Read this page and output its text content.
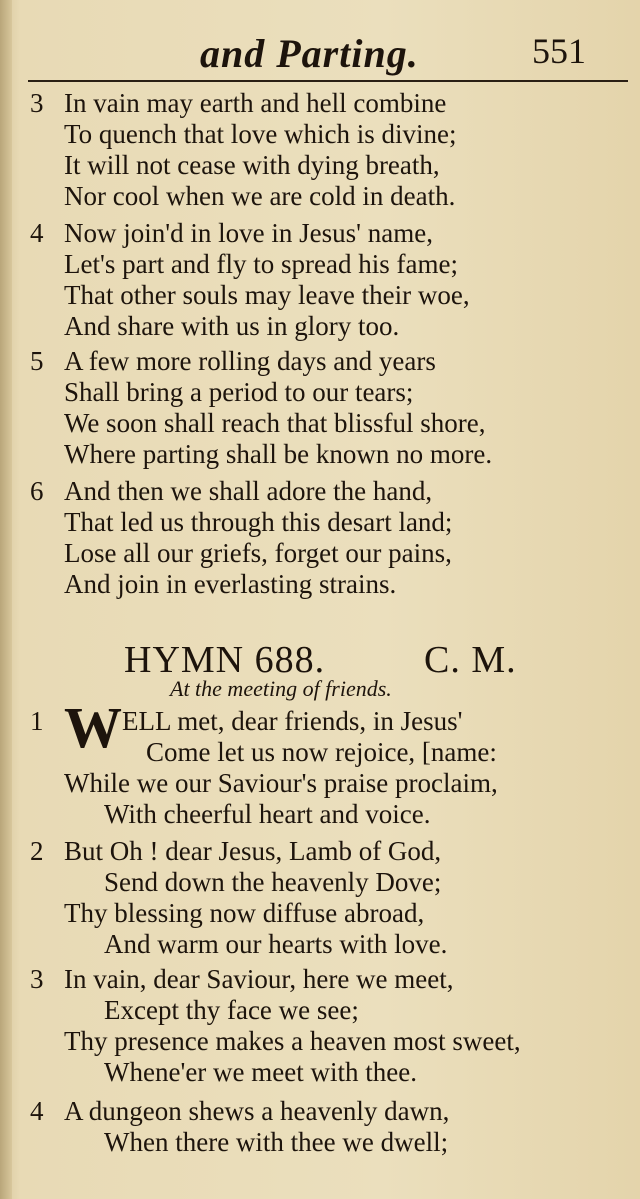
and Parting.	551
3 In vain may earth and hell combine
To quench that love which is divine;
It will not cease with dying breath,
Nor cool when we are cold in death.
4 Now join'd in love in Jesus' name,
Let's part and fly to spread his fame;
That other souls may leave their woe,
And share with us in glory too.
5 A few more rolling days and years
Shall bring a period to our tears;
We soon shall reach that blissful shore,
Where parting shall be known no more.
6 And then we shall adore the hand,
That led us through this desart land;
Lose all our griefs, forget our pains,
And join in everlasting strains.
HYMN 688.	C. M.
At the meeting of friends.
1 WELL met, dear friends, in Jesus'
Come let us now rejoice, [name:
While we our Saviour's praise proclaim,
With cheerful heart and voice.
2 But Oh ! dear Jesus, Lamb of God,
Send down the heavenly Dove;
Thy blessing now diffuse abroad,
And warm our hearts with love.
3 In vain, dear Saviour, here we meet,
Except thy face we see;
Thy presence makes a heaven most sweet,
Whene'er we meet with thee.
4 A dungeon shews a heavenly dawn,
When there with thee we dwell;
